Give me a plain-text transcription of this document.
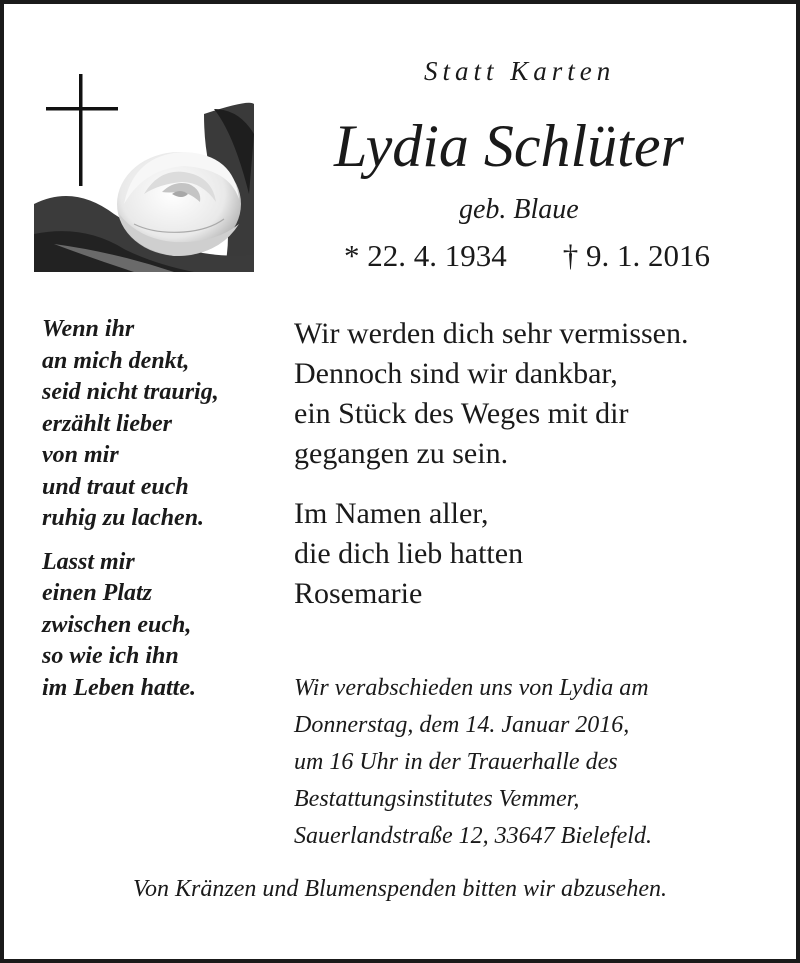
Statt Karten
Lydia Schlüter
geb. Blaue
* 22. 4. 1934 † 9. 1. 2016

Wenn ihr
an mich denkt,
seid nicht traurig,
erzählt lieber
von mir
und traut euch
ruhig zu lachen.

Lasst mir
einen Platz
zwischen euch,
so wie ich ihn
im Leben hatte.

Wir werden dich sehr vermissen.
Dennoch sind wir dankbar,
ein Stück des Weges mit dir
gegangen zu sein.

Im Namen aller,
die dich lieb hatten
Rosemarie

Wir verabschieden uns von Lydia am
Donnerstag, dem 14. Januar 2016,
um 16 Uhr in der Trauerhalle des
Bestattungsinstitutes Vemmer,
Sauerlandstraße 12, 33647 Bielefeld.

Von Kränzen und Blumenspenden bitten wir abzusehen.
